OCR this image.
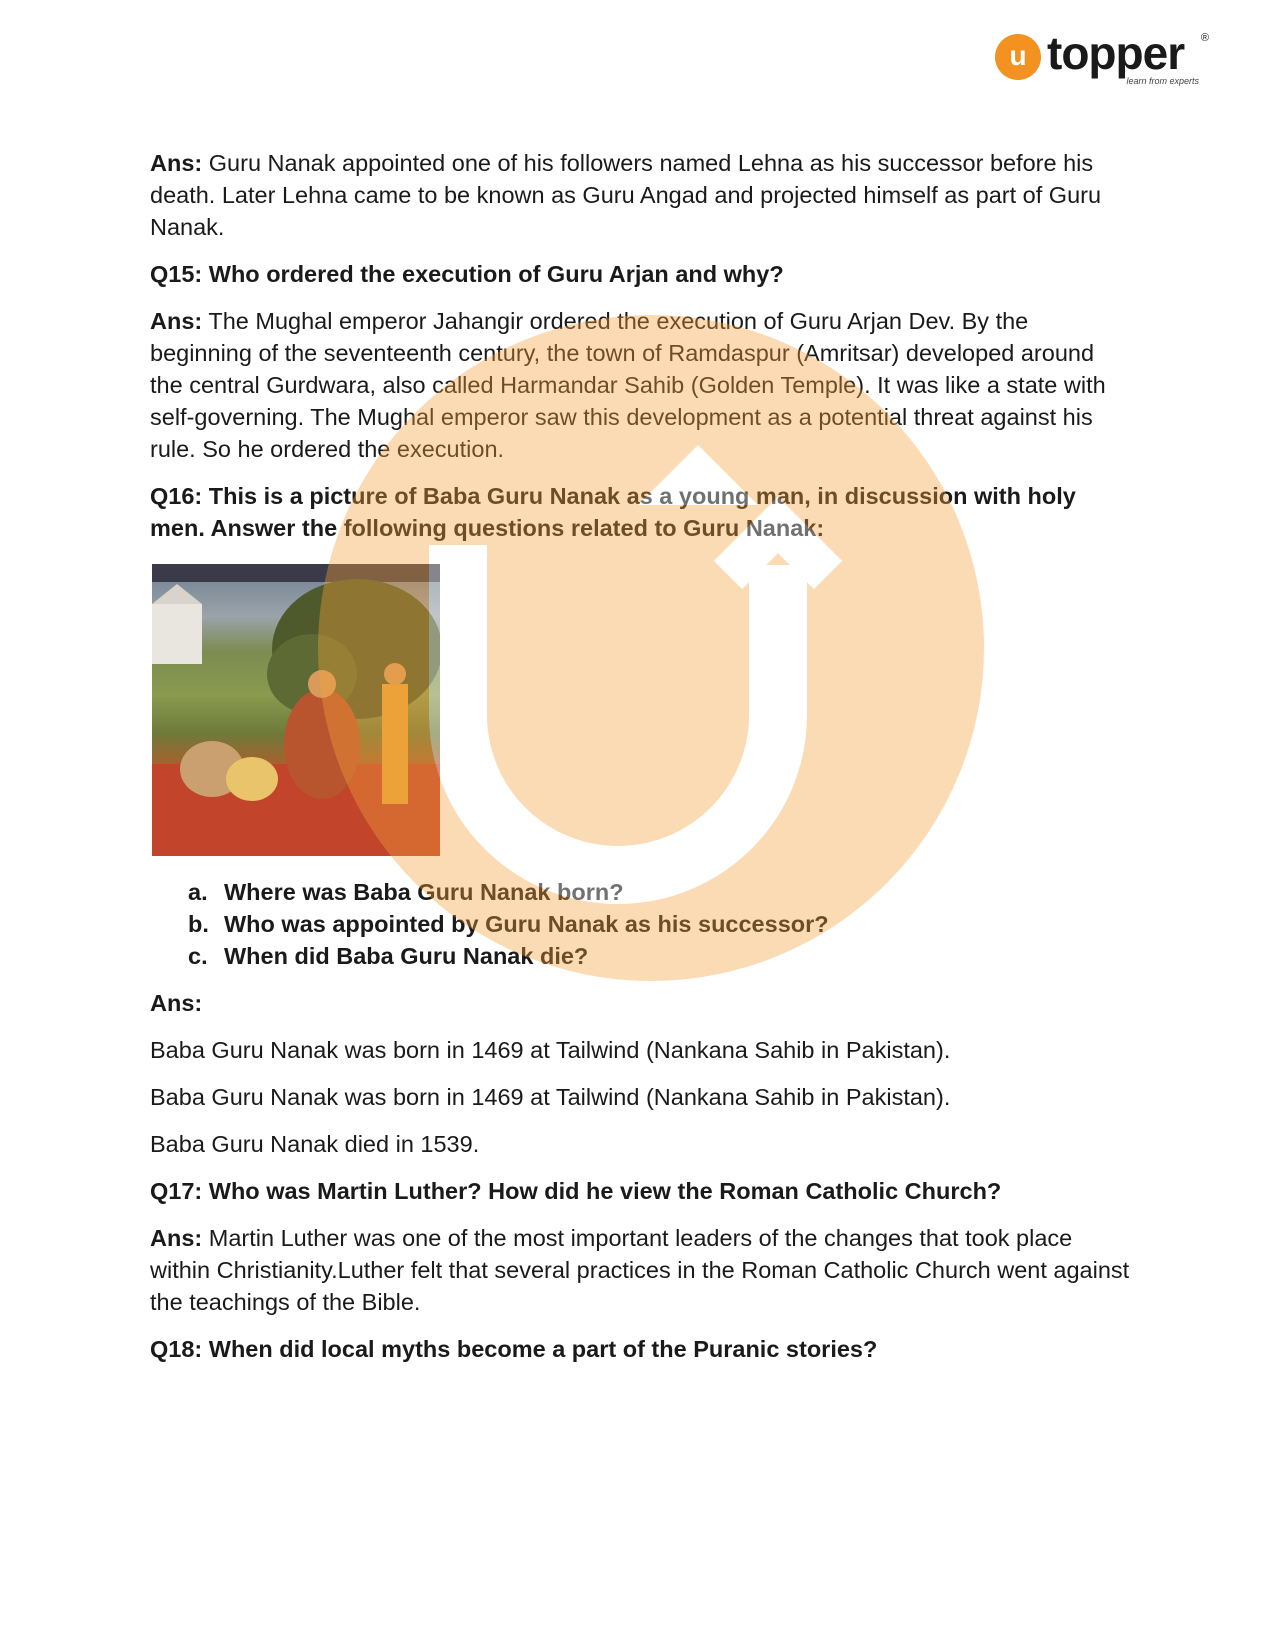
u topper ®
learn from experts

Ans: Guru Nanak appointed one of his followers named Lehna as his successor before his death. Later Lehna came to be known as Guru Angad and projected himself as part of Guru Nanak.

Q15: Who ordered the execution of Guru Arjan and why?

Ans: The Mughal emperor Jahangir ordered the execution of Guru Arjan Dev. By the beginning of the seventeenth century, the town of Ramdaspur (Amritsar) developed around the central Gurdwara, also called Harmandar Sahib (Golden Temple). It was like a state with self-governing. The Mughal emperor saw this development as a potential threat against his rule. So he ordered the execution.

Q16: This is a picture of Baba Guru Nanak as a young man, in discussion with holy men. Answer the following questions related to Guru Nanak:

a. Where was Baba Guru Nanak born?
b. Who was appointed by Guru Nanak as his successor?
c. When did Baba Guru Nanak die?

Ans:

Baba Guru Nanak was born in 1469 at Tailwind (Nankana Sahib in Pakistan).

Baba Guru Nanak was born in 1469 at Tailwind (Nankana Sahib in Pakistan).

Baba Guru Nanak died in 1539.

Q17: Who was Martin Luther? How did he view the Roman Catholic Church?

Ans: Martin Luther was one of the most important leaders of the changes that took place within Christianity.Luther felt that several practices in the Roman Catholic Church went against the teachings of the Bible.

Q18: When did local myths become a part of the Puranic stories?
